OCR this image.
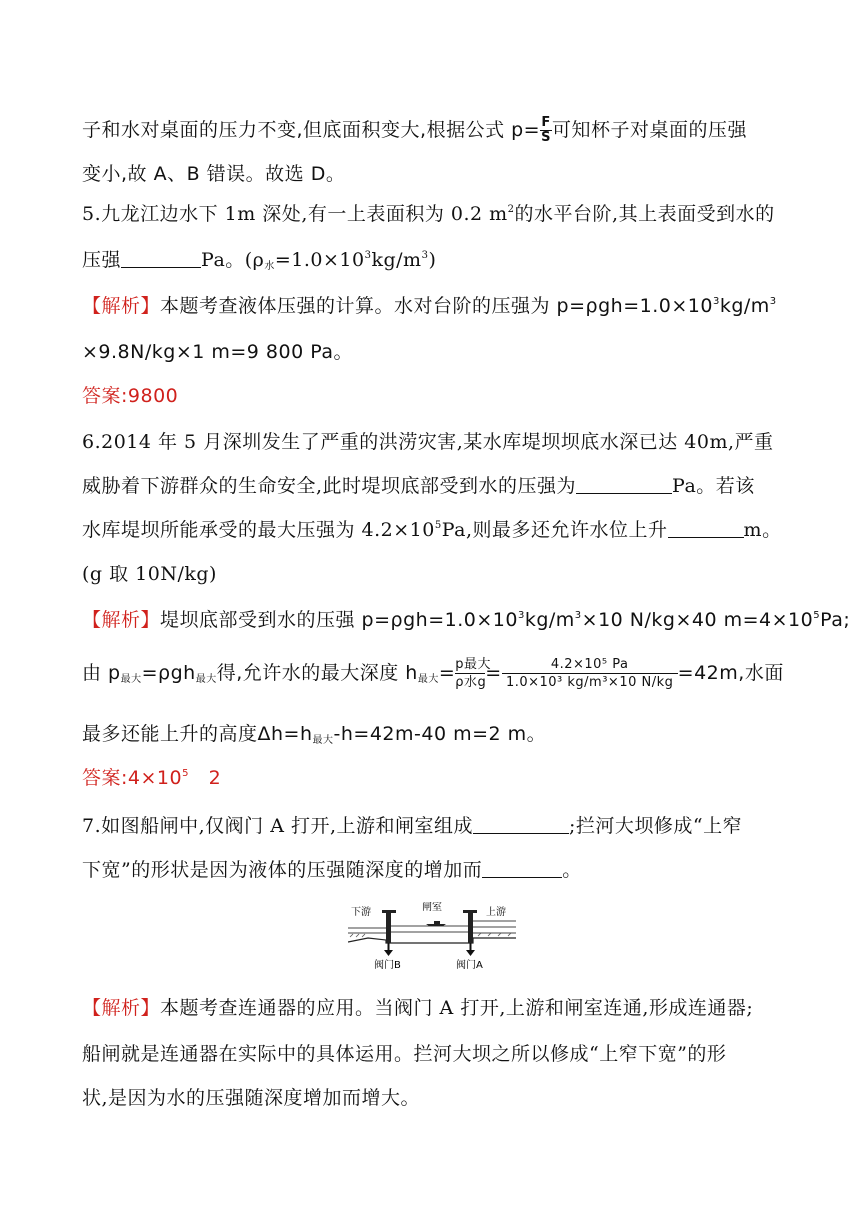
子和水对桌面的压力不变,但底面积变大,根据公式 $p= \frac{F}{S}$ 可知杯子对桌面的压强
变小,故 A、B 错误。故选 D。
5.九龙江边水下 1m 深处,有一上表面积为 0.2 $m^2$的水平台阶,其上表面受到水的
压强	Pa。$(\rho_水=1.0\times 10^3kg/m^3)$
【解析】本题考查液体压强的计算。水对台阶的压强为 $p=\rho gh=1.0\times 10^3kg/m^3$
×9.8N/kg×1 m=9 800 Pa。
答案:9800
6.2014 年 5 月深圳发生了严重的洪涝灾害,某水库堤坝坝底水深已达 40m,严重
威胁着下游群众的生命安全,此时堤坝底部受到水的压强为	Pa。若该
水库堤坝所能承受的最大压强为 $4.2\times 10^5Pa$,则最多还允许水位上升	m。
(g 取 10N/kg)
【解析】堤坝底部受到水的压强 $p=\rho gh=1.0\times 10^3kg/m^3\times 10$ N/kg×40 $m=4\times 10^5Pa$;
由 $p_{最大}=\rho gh_{最大}$得,允许水的最大深度 $h_{最大}= \frac{\text{p最大}}{\text{ρ水g}} = \frac{\text{4.2×10⁵ Pa}}{\text{1.0×10³ kg/m³×10 N/kg}} =42m$,水面
最多还能上升的高度$\Delta h=h_{最大}-h=42m-40$ m=2 m。
答案$:4\times 10^5$   2
7.如图船闸中,仅阀门 A 打开,上游和闸室组成	;拦河大坝修成“上窄
下宽”的形状是因为液体的压强随深度的增加而	。
下游	闸室	上游
阀门B	阀门A
【解析】本题考查连通器的应用。当阀门 A 打开,上游和闸室连通,形成连通器;
船闸就是连通器在实际中的具体运用。拦河大坝之所以修成“上窄下宽”的形
状,是因为水的压强随深度增加而增大。
